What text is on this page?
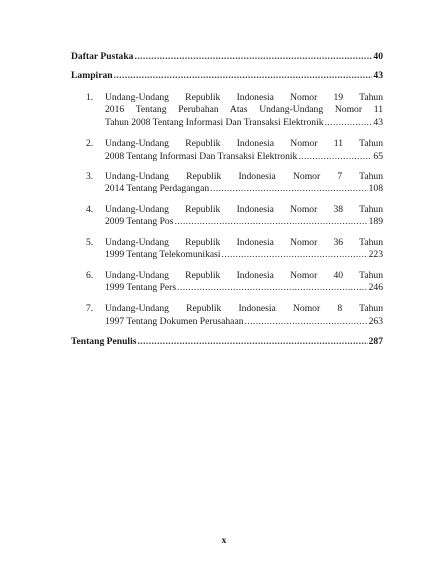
Daftar Pustaka .....	40
Lampiran .....	43
1.	Undang-Undang Republik Indonesia Nomor 19 Tahun
2016 Tentang Perubahan Atas Undang-Undang Nomor 11
Tahun 2008 Tentang Informasi Dan Transaksi Elektronik .....	43
2.	Undang-Undang Republik Indonesia Nomor 11 Tahun
2008 Tentang Informasi Dan Transaksi Elektronik .....	65
3.	Undang-Undang Republik Indonesia Nomor 7 Tahun
2014 Tentang Perdagangan .....	108
4.	Undang-Undang Republik Indonesia Nomor 38 Tahun
2009 Tentang Pos .....	189
5.	Undang-Undang Republik Indonesia Nomor 36 Tahun
1999 Tentang Telekomunikasi .....	223
6.	Undang-Undang Republik Indonesia Nomor 40 Tahun
1999 Tentang Pers .....	246
7.	Undang-Undang Republik Indonesia Nomor 8 Tahun
1997 Tentang Dokumen Perusahaan .....	263
Tentang Penulis .....	287
x
